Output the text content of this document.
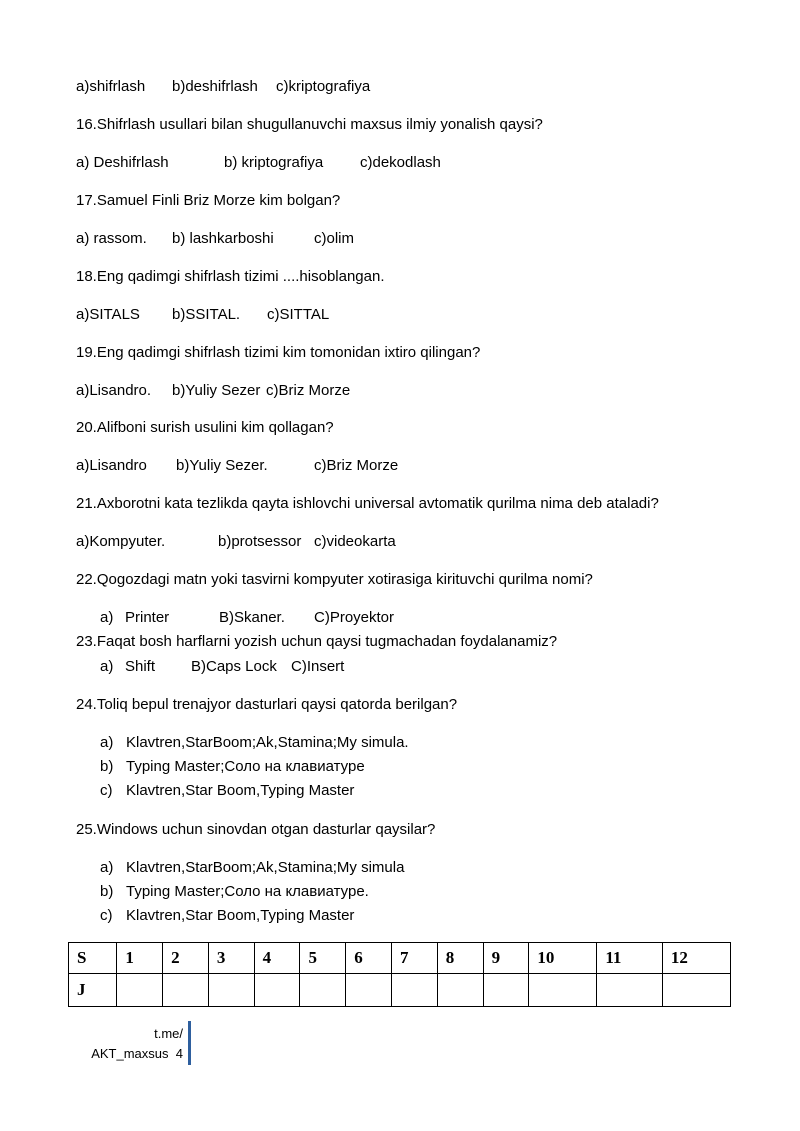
a)shifrlash b)deshifrlash c)kriptografiya
16.Shifrlash usullari bilan shugullanuvchi maxsus ilmiy yonalish qaysi?
a) Deshifrlash	b) kriptografiya c)dekodlash
17.Samuel Finli Briz Morze kim bolgan?
a) rassom. b) lashkarboshi	c)olim
18.Eng qadimgi shifrlash tizimi ....hisoblangan.
a)SITALS b)SSITAL. c)SITTAL
19.Eng qadimgi shifrlash tizimi kim tomonidan ixtiro qilingan?
a)Lisandro. b)Yuliy Sezer c)Briz Morze
20.Alifboni surish usulini kim qollagan?
a)Lisandro b)Yuliy Sezer.	c)Briz Morze
21.Axborotni kata tezlikda qayta ishlovchi universal avtomatik qurilma nima deb ataladi?
a)Kompyuter.	b)protsessor c)videokarta
22.Qogozdagi matn yoki tasvirni kompyuter xotirasiga kirituvchi qurilma nomi?
a) Printer	B)Skaner. C)Proyektor
23.Faqat bosh harflarni yozish uchun qaysi tugmachadan foydalanamiz?
a) Shift B)Caps Lock C)Insert
24.Toliq bepul trenajyor dasturlari qaysi qatorda berilgan?
a) Klavtren,StarBoom;Ak,Stamina;My simula.
b) Typing Master;Соло на клавиатуре
c) Klavtren,Star Boom,Typing Master
25.Windows uchun sinovdan otgan dasturlar qaysilar?
a) Klavtren,StarBoom;Ak,Stamina;My simula
b) Typing Master;Соло на клавиатуре.
c) Klavtren,Star Boom,Typing Master
S	1	2	3	4	5	6	7	8	9	10	11	12
J												
t.me/
AKT_maxsus 4
